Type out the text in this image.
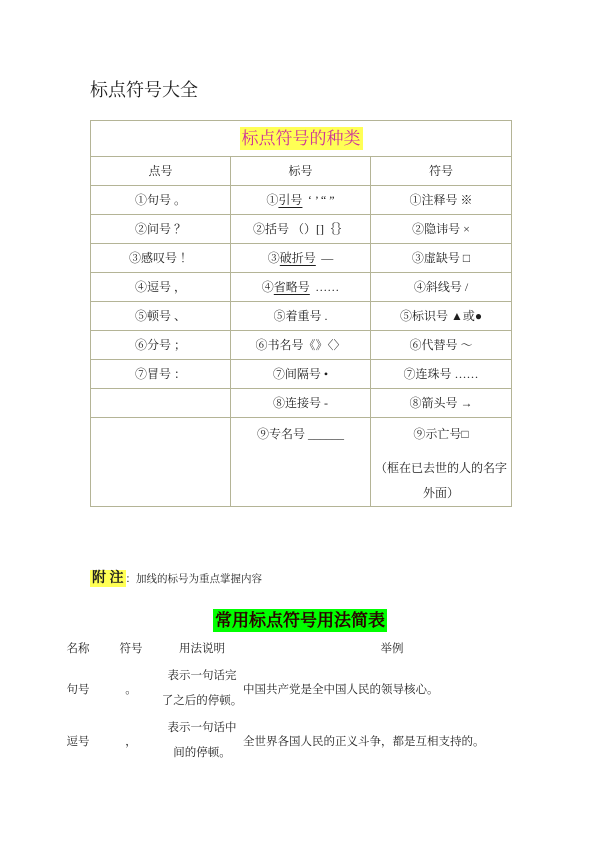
标点符号大全
标点符号的种类		
点号	标号	符号
①句号 。	①引号 ‘ ’ “ ”	①注释号 ※
②问号 ？	②括号 （）[]｛｝	②隐讳号 ×
③感叹号 ！	③破折号 —	③虚缺号 □
④逗号 ，	④省略号 ……	④斜线号 /
⑤顿号 、	⑤着重号 .	⑤标识号 ▲或●
⑥分号 ；	⑥书名号《》〈〉	⑥代替号 ～
⑦冒号 ：	⑦间隔号 •	⑦连珠号 ……
	⑧连接号 -	⑧箭头号 →
	⑨专名号 ______	⑨示亡号□
（框在已去世的人的名字
外面）
附 注 ：加线的标号为重点掌握内容
常用标点符号用法简表
名称	符号	用法说明	举例
句号	。	表示一句话完
了之后的停顿。	中国共产党是全中国人民的领导核心。
逗号	，	表示一句话中
间的停顿。	全世界各国人民的正义斗争，都是互相支持的。
